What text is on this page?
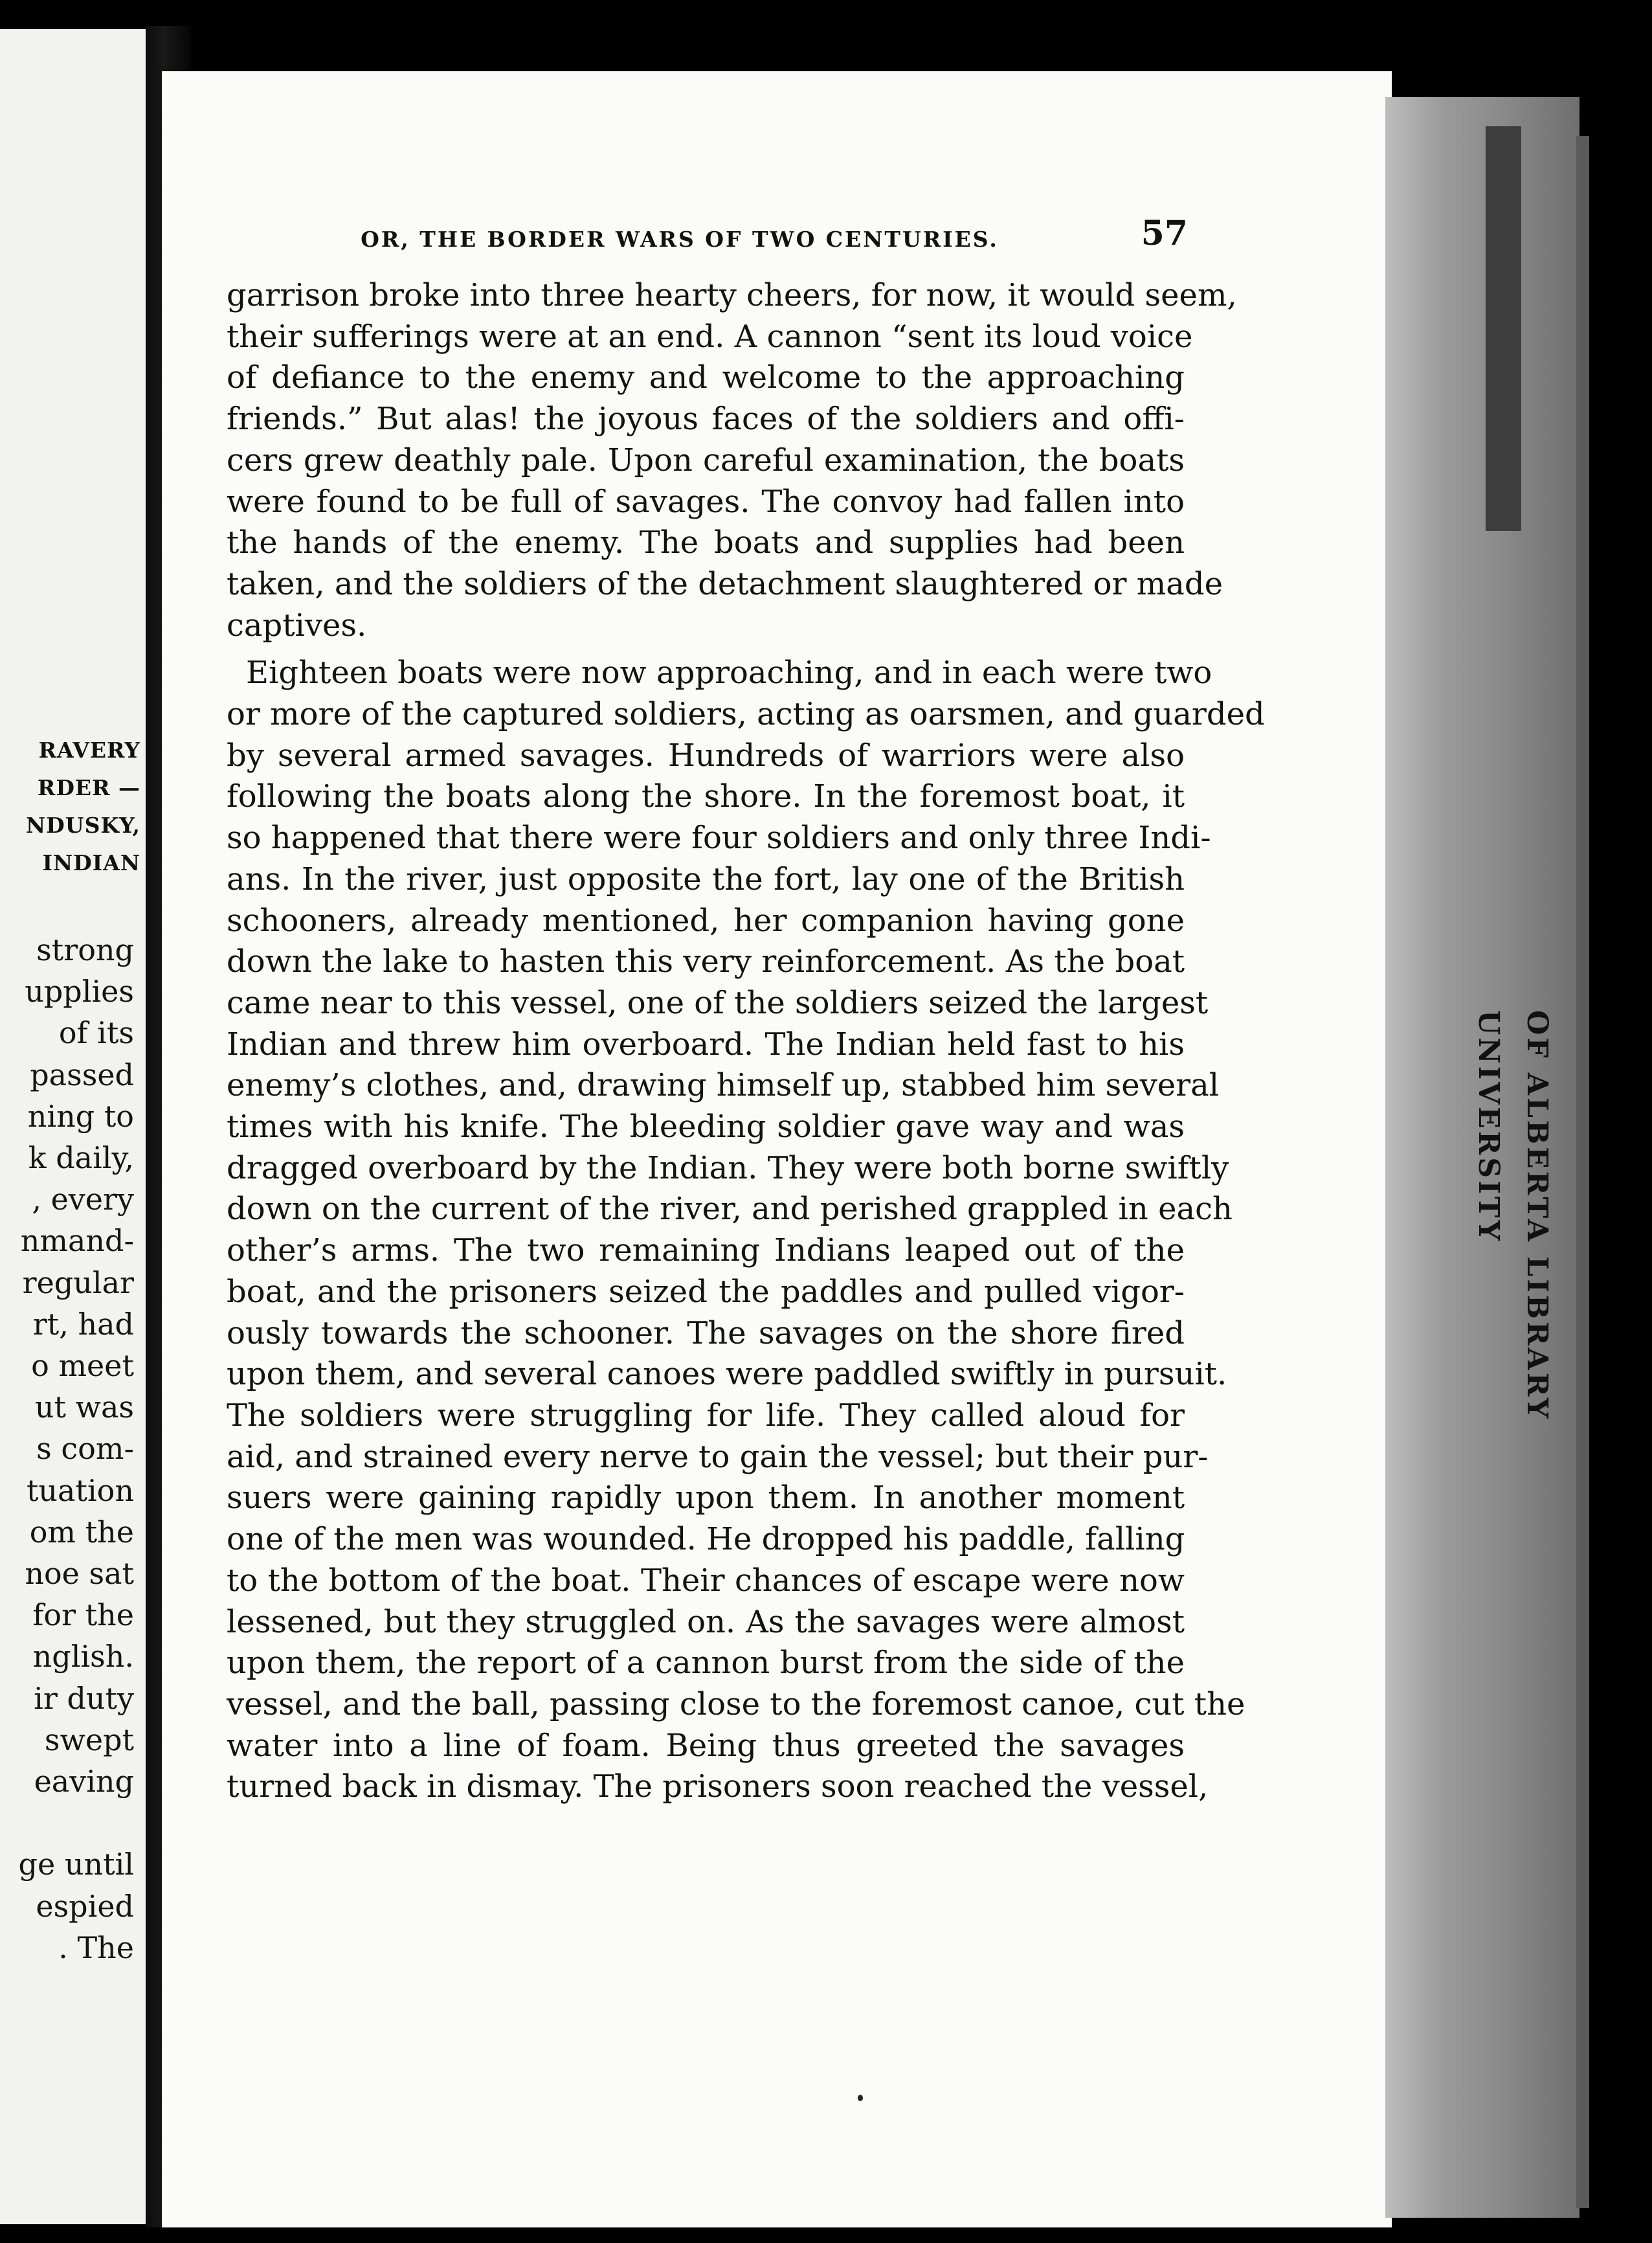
RAVERY
RDER —
NDUSKY,
INDIAN
strong
upplies
of its
passed
ning to
k daily,
, every
nmand-
regular
rt, had
o meet
ut was
s com-
tuation
om the
noe sat
for the
nglish.
ir duty
swept
eaving

ge until
espied
. The
OR, THE BORDER WARS OF TWO CENTURIES.	57
garrison broke into three hearty cheers, for now, it would seem,
their sufferings were at an end. A cannon “sent its loud voice
of defiance to the enemy and welcome to the approaching
friends.” But alas! the joyous faces of the soldiers and offi-
cers grew deathly pale. Upon careful examination, the boats
were found to be full of savages. The convoy had fallen into
the hands of the enemy. The boats and supplies had been
taken, and the soldiers of the detachment slaughtered or made
captives.
Eighteen boats were now approaching, and in each were two
or more of the captured soldiers, acting as oarsmen, and guarded
by several armed savages. Hundreds of warriors were also
following the boats along the shore. In the foremost boat, it
so happened that there were four soldiers and only three Indi-
ans. In the river, just opposite the fort, lay one of the British
schooners, already mentioned, her companion having gone
down the lake to hasten this very reinforcement. As the boat
came near to this vessel, one of the soldiers seized the largest
Indian and threw him overboard. The Indian held fast to his
enemy’s clothes, and, drawing himself up, stabbed him several
times with his knife. The bleeding soldier gave way and was
dragged overboard by the Indian. They were both borne swiftly
down on the current of the river, and perished grappled in each
other’s arms. The two remaining Indians leaped out of the
boat, and the prisoners seized the paddles and pulled vigor-
ously towards the schooner. The savages on the shore fired
upon them, and several canoes were paddled swiftly in pursuit.
The soldiers were struggling for life. They called aloud for
aid, and strained every nerve to gain the vessel; but their pur-
suers were gaining rapidly upon them. In another moment
one of the men was wounded. He dropped his paddle, falling
to the bottom of the boat. Their chances of escape were now
lessened, but they struggled on. As the savages were almost
upon them, the report of a cannon burst from the side of the
vessel, and the ball, passing close to the foremost canoe, cut the
water into a line of foam. Being thus greeted the savages
turned back in dismay. The prisoners soon reached the vessel,
UNIVERSITY OF ALBERTA LIBRARY
